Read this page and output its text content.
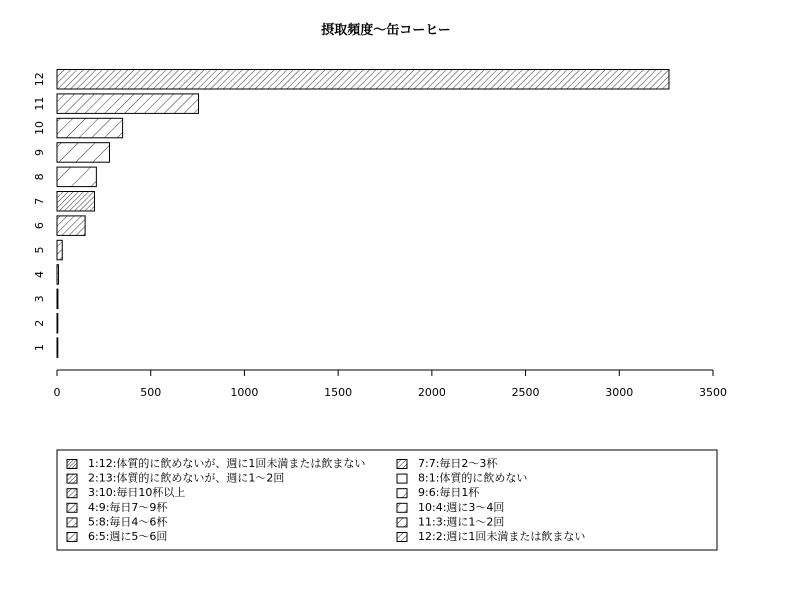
摂取頻度～缶コーヒー
1
2
3
4
5
6
7
8
9
10
11
12
0	500	1000	1500	2000	2500	3000	3500
1:12:体質的に飲めないが、週に1回未満または飲まない
2:13:体質的に飲めないが、週に1～2回
3:10:毎日10杯以上
4:9:毎日7～9杯
5:8:毎日4～6杯
6:5:週に5～6回
7:7:毎日2～3杯
8:1:体質的に飲めない
9:6:毎日1杯
10:4:週に3～4回
11:3:週に1～2回
12:2:週に1回未満または飲まない
